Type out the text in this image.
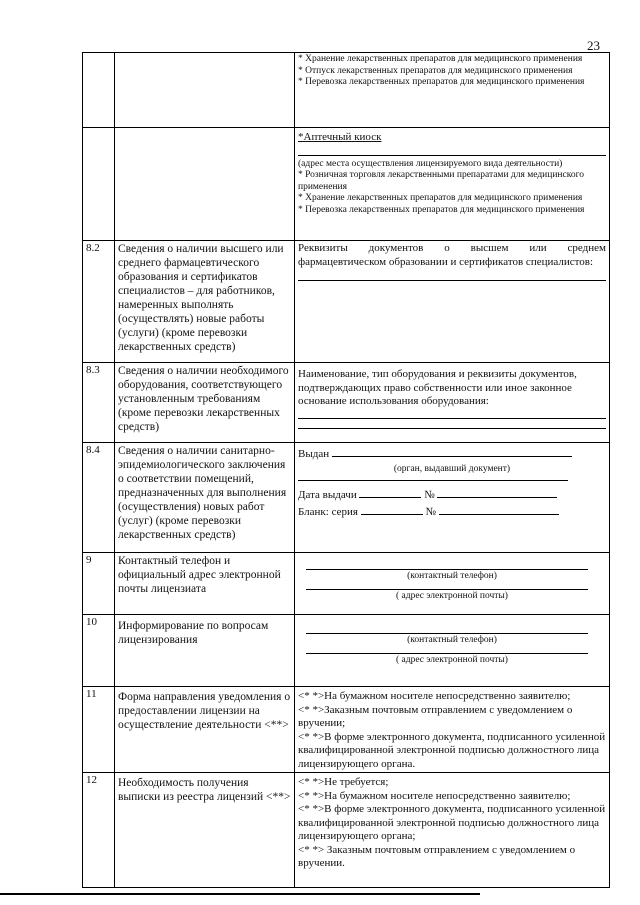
23

		* Хранение лекарственных препаратов для медицинского применения
* Отпуск лекарственных препаратов для медицинского применения
* Перевозка лекарственных препаратов для медицинского применения

		*Аптечный киоск
(адрес места осуществления лицензируемого вида деятельности)
* Розничная торговля лекарственными препаратами для медицинского применения
* Хранение лекарственных препаратов для медицинского применения
* Перевозка лекарственных препаратов для медицинского применения

8.2	Сведения о наличии высшего или среднего фармацевтического образования и сертификатов специалистов – для работников, намеренных выполнять (осуществлять) новые работы (услуги) (кроме перевозки лекарственных средств)	Реквизиты документов о высшем или среднем фармацевтическом образовании и сертификатов специалистов:

8.3	Сведения о наличии необходимого оборудования, соответствующего установленным требованиям (кроме перевозки лекарственных средств)	Наименование, тип оборудования и реквизиты документов, подтверждающих право собственности или иное законное основание использования оборудования:

8.4	Сведения о наличии санитарно-эпидемиологического заключения о соответствии помещений, предназначенных для выполнения (осуществления) новых работ (услуг) (кроме перевозки лекарственных средств)	Выдан
(орган, выдавший документ)
Дата выдачи №
Бланк: серия №

9	Контактный телефон и официальный адрес электронной почты лицензиата	(контактный телефон)
( адрес электронной почты)

10	Информирование по вопросам лицензирования	(контактный телефон)
( адрес электронной почты)

11	Форма направления уведомления о предоставлении лицензии на осуществление деятельности <**>	<* *>На бумажном носителе непосредственно заявителю;
<* *>Заказным почтовым отправлением с уведомлением о вручении;
<* *>В форме электронного документа, подписанного усиленной квалифицированной электронной подписью должностного лица лицензирующего органа.

12	Необходимость получения выписки из реестра лицензий <**>	<* *>Не требуется;
<* *>На бумажном носителе непосредственно заявителю;
<* *>В форме электронного документа, подписанного усиленной квалифицированной электронной подписью должностного лица лицензирующего органа;
<* *> Заказным почтовым отправлением с уведомлением о вручении.
